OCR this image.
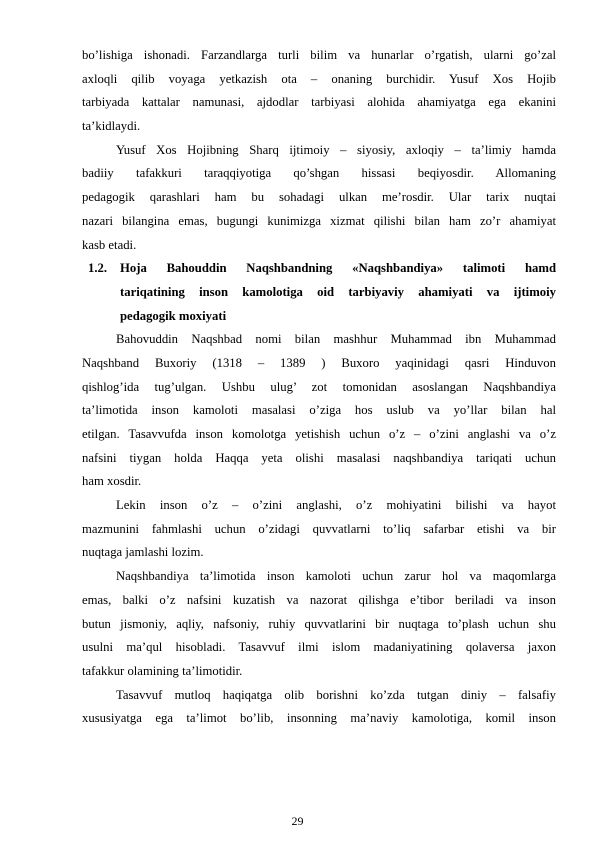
bo’lishiga ishonadi. Farzandlarga turli bilim va hunarlar o’rgatish, ularni go’zal
axloqli qilib voyaga yetkazish ota – onaning burchidir. Yusuf Xos Hojib
tarbiyada kattalar namunasi, ajdodlar tarbiyasi alohida ahamiyatga ega ekanini
ta’kidlaydi.
Yusuf Xos Hojibning Sharq ijtimoiy – siyosiy, axloqiy – ta’limiy hamda
badiiy tafakkuri taraqqiyotiga qo’shgan hissasi beqiyosdir. Allomaning
pedagogik qarashlari ham bu sohadagi ulkan me’rosdir. Ular tarix nuqtai
nazari bilangina emas, bugungi kunimizga xizmat qilishi bilan ham zo’r ahamiyat
kasb etadi.
1.2.	Hoja Bahouddin Naqshbandning «Naqshbandiya» talimoti hamd
tariqatining inson kamolotiga oid tarbiyaviy ahamiyati va ijtimoiy
pedagogik moxiyati
Bahovuddin Naqshbad nomi bilan mashhur Muhammad ibn Muhammad
Naqshband Buxoriy (1318 – 1389 ) Buxoro yaqinidagi qasri Hinduvon
qishlog’ida tug’ulgan. Ushbu ulug’ zot tomonidan asoslangan Naqshbandiya
ta’limotida inson kamoloti masalasi o’ziga hos uslub va yo’llar bilan hal
etilgan. Tasavvufda inson komolotga yetishish uchun o’z – o’zini anglashi va o’z
nafsini tiygan holda Haqqa yeta olishi masalasi naqshbandiya tariqati uchun
ham xosdir.
Lekin inson o’z – o’zini anglashi, o’z mohiyatini bilishi va hayot
mazmunini fahmlashi uchun o’zidagi quvvatlarni to’liq safarbar etishi va bir
nuqtaga jamlashi lozim.
Naqshbandiya ta’limotida inson kamoloti uchun zarur hol va maqomlarga
emas, balki o’z nafsini kuzatish va nazorat qilishga e’tibor beriladi va inson
butun jismoniy, aqliy, nafsoniy, ruhiy quvvatlarini bir nuqtaga to’plash uchun shu
usulni ma’qul hisobladi. Tasavvuf ilmi islom madaniyatining qolaversa jaxon
tafakkur olamining ta’limotidir.
Tasavvuf mutloq haqiqatga olib borishni ko’zda tutgan diniy – falsafiy
xususiyatga ega ta’limot bo’lib, insonning ma’naviy kamolotiga, komil inson
29
